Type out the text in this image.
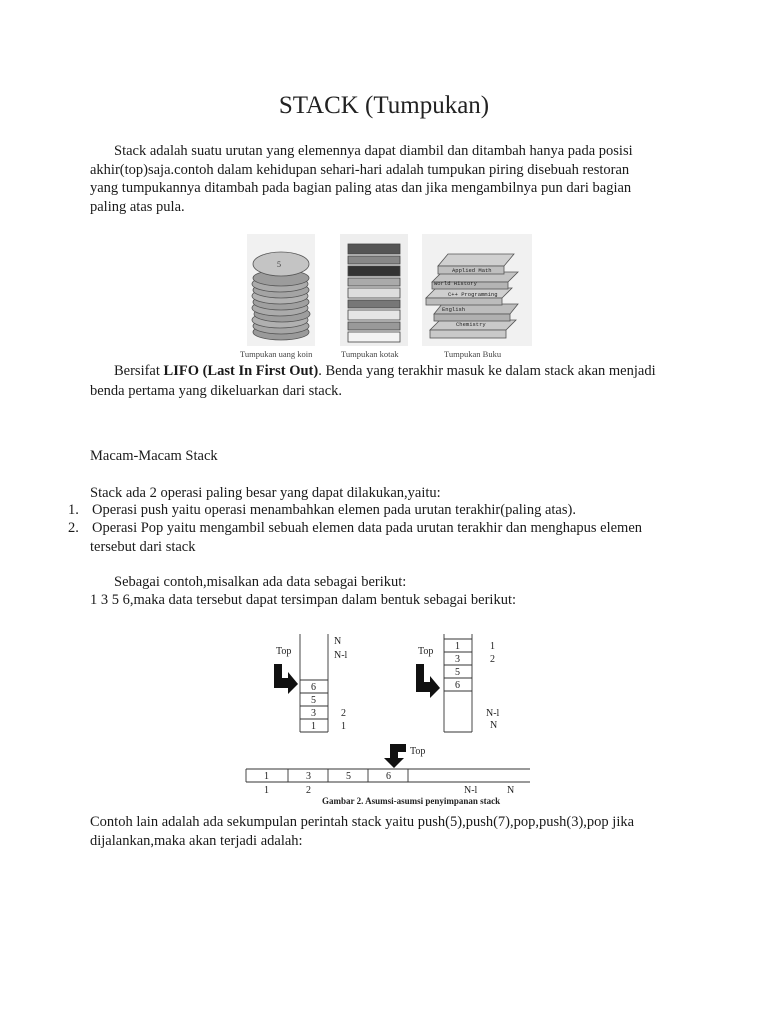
STACK (Tumpukan)
Stack adalah suatu urutan yang elemennya dapat diambil dan ditambah hanya pada posisi
akhir(top)saja.contoh dalam kehidupan sehari-hari adalah tumpukan piring disebuah restoran
yang tumpukannya ditambah pada bagian paling atas dan jika mengambilnya pun dari bagian
paling atas pula.
5
Applied Math
World History
C++ Programming
English
Chemistry
Tumpukan uang koin	Tumpukan kotak	Tumpukan Buku
Bersifat LIFO (Last In First Out). Benda yang terakhir masuk ke dalam stack akan menjadi
benda pertama yang dikeluarkan dari stack.
Macam-Macam Stack
Stack ada 2 operasi paling besar yang dapat dilakukan,yaitu:
1. Operasi push yaitu operasi menambahkan elemen pada urutan terakhir(paling atas).
2. Operasi Pop yaitu mengambil sebuah elemen data pada urutan terakhir dan menghapus elemen
tersebut dari stack
Sebagai contoh,misalkan ada data sebagai berikut:
1 3 5 6,maka data tersebut dapat tersimpan dalam bentuk sebagai berikut:
6
5
3
1
N
N-l
2
1
Top	1
3
5
6
1
2
N-l
N
Top
Top
1	3	5	6
1	2	N-l	N
Gambar 2. Asumsi-asumsi penyimpanan stack
Contoh lain adalah ada sekumpulan perintah stack yaitu push(5),push(7),pop,push(3),pop jika
dijalankan,maka akan terjadi adalah:
